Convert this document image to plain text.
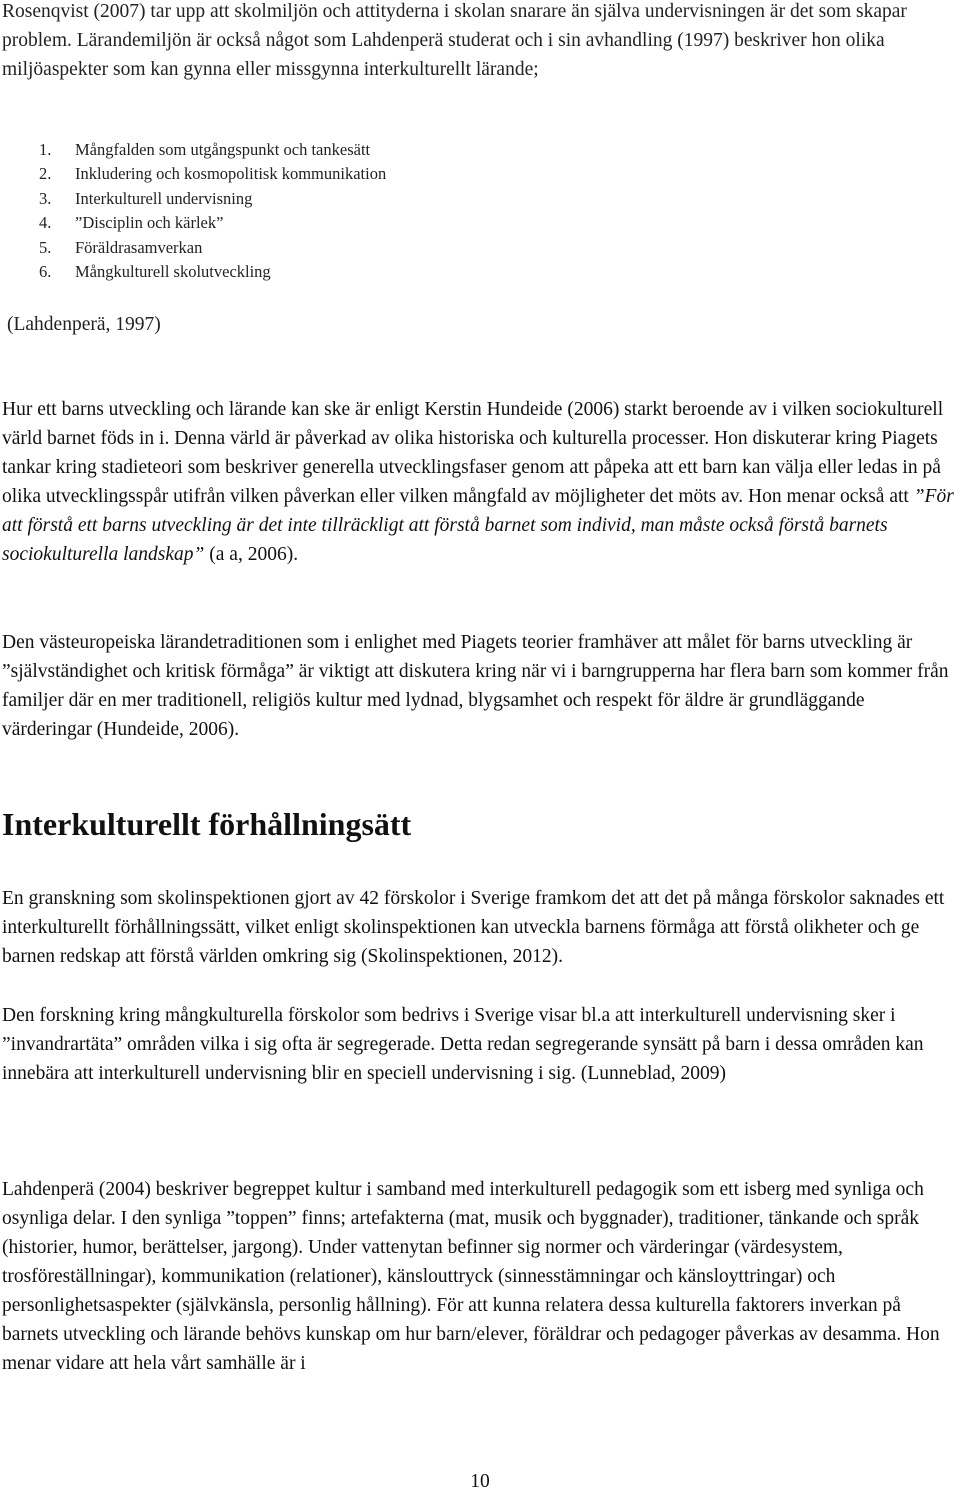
Rosenqvist (2007) tar upp att skolmiljön och attityderna i skolan snarare än själva undervisningen är det som skapar problem. Lärandemiljön är också något som Lahdenperä studerat och i sin avhandling (1997) beskriver hon olika miljöaspekter som kan gynna eller missgynna interkulturellt lärande;

1.	Mångfalden som utgångspunkt och tankesätt
2.	Inkludering och kosmopolitisk kommunikation
3.	Interkulturell undervisning
4.	”Disciplin och kärlek”
5.	Föräldrasamverkan
6.	Mångkulturell skolutveckling

(Lahdenperä, 1997)

Hur ett barns utveckling och lärande kan ske är enligt Kerstin Hundeide (2006) starkt beroende av i vilken sociokulturell värld barnet föds in i. Denna värld är påverkad av olika historiska och kulturella processer. Hon diskuterar kring Piagets tankar kring stadieteori som beskriver generella utvecklingsfaser genom att påpeka att ett barn kan välja eller ledas in på olika utvecklingsspår utifrån vilken påverkan eller vilken mångfald av möjligheter det möts av. Hon menar också att ”För att förstå ett barns utveckling är det inte tillräckligt att förstå barnet som individ, man måste också förstå barnets sociokulturella landskap” (a a, 2006).

Den västeuropeiska lärandetraditionen som i enlighet med Piagets teorier framhäver att målet för barns utveckling är ”självständighet och kritisk förmåga” är viktigt att diskutera kring när vi i barngrupperna har flera barn som kommer från familjer där en mer traditionell, religiös kultur med lydnad, blygsamhet och respekt för äldre är grundläggande värderingar (Hundeide, 2006).

Interkulturellt förhållningsätt

En granskning som skolinspektionen gjort av 42 förskolor i Sverige framkom det att det på många förskolor saknades ett interkulturellt förhållningssätt, vilket enligt skolinspektionen kan utveckla barnens förmåga att förstå olikheter och ge barnen redskap att förstå världen omkring sig (Skolinspektionen, 2012).

Den forskning kring mångkulturella förskolor som bedrivs i Sverige visar bl.a att interkulturell undervisning sker i ”invandrartäta” områden vilka i sig ofta är segregerade. Detta redan segregerande synsätt på barn i dessa områden kan innebära att interkulturell undervisning blir en speciell undervisning i sig. (Lunneblad, 2009)

Lahdenperä (2004) beskriver begreppet kultur i samband med interkulturell pedagogik som ett isberg med synliga och osynliga delar. I den synliga ”toppen” finns; artefakterna (mat, musik och byggnader), traditioner, tänkande och språk (historier, humor, berättelser, jargong). Under vattenytan befinner sig normer och värderingar (värdesystem, trosföreställningar), kommunikation (relationer), känslouttryck (sinnesstämningar och känsloyttringar) och personlighetsaspekter (självkänsla, personlig hållning). För att kunna relatera dessa kulturella faktorers inverkan på barnets utveckling och lärande behövs kunskap om hur barn/elever, föräldrar och pedagoger påverkas av desamma. Hon menar vidare att hela vårt samhälle är i

10
